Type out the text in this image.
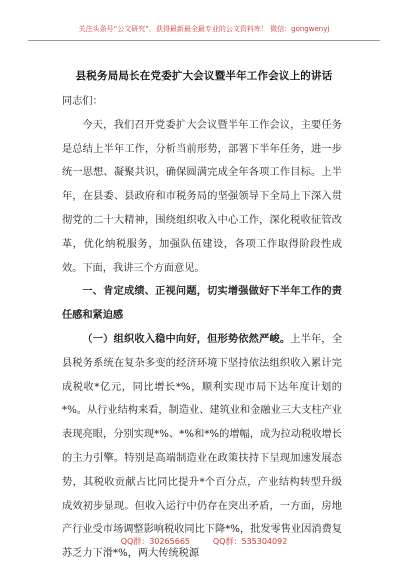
关注头条号“公文研究”，获得最新最全最专业的公文资料库！ 微信：gongwenyj
县税务局局长在党委扩大会议暨半年工作会议上的讲话

同志们：

今天，我们召开党委扩大会议暨半年工作会议，主要任务是总结上半年工作，分析当前形势，部署下半年任务，进一步统一思想、凝聚共识，确保圆满完成全年各项工作目标。上半年，在县委、县政府和市税务局的坚强领导下全局上下深入贯彻党的二十大精神，围绕组织收入中心工作，深化税收征管改革，优化纳税服务，加强队伍建设，各项工作取得阶段性成效。下面，我讲三个方面意见。

一、肯定成绩、正视问题，切实增强做好下半年工作的责任感和紧迫感

（一）组织收入稳中向好，但形势依然严峻。上半年，全县税务系统在复杂多变的经济环境下坚持依法组织收入累计完成税收*亿元，同比增长*%，顺利实现市局下达年度计划的*%。从行业结构来看，制造业、建筑业和金融业三大支柱产业表现亮眼，分别实现*%、*%和*%的增幅，成为拉动税收增长的主力引擎。特别是高端制造业在政策扶持下呈现加速发展态势，其税收贡献占比同比提升*个百分点，产业结构转型升级成效初步显现。但收入运行中仍存在突出矛盾，一方面，房地产行业受市场调整影响税收同比下降*%，批发零售业因消费复苏乏力下滑*%，两大传统税源

QQ群：30265665         QQ群：535304092
